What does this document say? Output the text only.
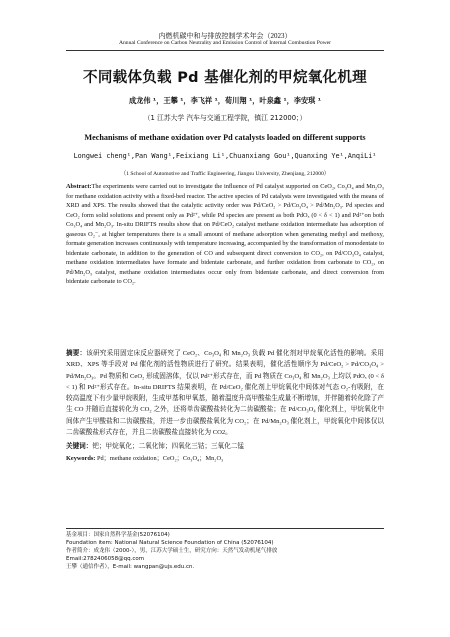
内燃机碳中和与排放控制学术年会（2023）
Annual Conference on Carbon Neutrality and Emission Control of Internal Combustion Power
不同载体负载 Pd 基催化剂的甲烷氧化机理
成龙伟 ¹，王攀 ¹，李飞祥 ¹，荀川翔 ¹，叶泉鑫 ¹，李安琪 ¹
（1 江苏大学 汽车与交通工程学院，镇江 212000；）
Mechanisms of methane oxidation over Pd catalysts loaded on different supports
Longwei cheng¹,Pan Wang¹,Feixiang Li¹,Chuanxiang Gou¹,Quanxing Ye¹,AnqiLi¹
（1 School of Automotive and Traffic Engineering, Jiangsu University, Zhenjiang, 212000）
Abstract:The experiments were carried out to investigate the influence of Pd catalyst supported on CeO₂, Co₃O₄ and Mn₂O₃ for methane oxidation activity with a fixed-bed reactor. The active species of Pd catalysts were investigated with the means of XRD and XPS. The results showed that the catalytic activity order was Pd/CeO₂ > Pd/Co₃O₄ > Pd/Mn₂O₃. Pd species and CeO₂ form solid solutions and present only as Pd²⁺, while Pd species are present as both PdOₓ (0 < δ < 1) and Pd²⁺on both Co₃O₄ and Mn₂O₃. In-situ DRIFTS results show that on Pd/CeO₂ catalyst methane oxidation intermediate has adsorption of gaseous O₂⁻, at higher temperatures there is a small amount of methane adsorption when generating methyl and methoxy, formate generation increases continuously with temperature increasing, accompanied by the transformation of monodentate to bidentate carbonate, in addition to the generation of CO and subsequent direct conversion to CO₂, on Pd/CO₃O₄ catalyst, methane oxidation intermediates have formate and bidentate carbonate, and further oxidation from carbonate to CO₂, on Pd/Mn₂O₃ catalyst, methane oxidation intermediates occur only from bidentate carbonate, and direct conversion from bidentate carbonate to CO₂.
摘要：该研究采用固定床反应器研究了 CeO₂、Co₃O₄ 和 Mn₂O₃ 负载 Pd 催化剂对甲烷氧化活性的影响。采用 XRD、XPS 等手段对 Pd 催化剂的活性物质进行了研究。结果表明，催化活性顺序为 Pd/CeO₂ > Pd/CO₃O₄ > Pd/Mn₂O₃。Pd 物质和 CeO₂ 形成固溶体，仅以 Pd²⁺形式存在，而 Pd 物质在 Co₃O₄ 和 Mn₂O₃ 上均以 PdOₓ (0 < δ < 1) 和 Pd²⁺形式存在。In-situ DRIFTS 结果表明，在 Pd/CeO₂ 催化剂上甲烷氧化中间体对气态 O₂-有吸附，在较高温度下有少量甲烷吸附，生成甲基和甲氧基，随着温度升高甲酸盐生成量不断增加，并伴随着转化除了产生 CO 并随后直接转化为 CO₂ 之外，还将单齿碳酸盐转化为二齿碳酸盐；在 Pd/CO₃O₄ 催化剂上，甲烷氧化中间体产生甲酸盐和二齿碳酸盐，并进一步由碳酸盐氧化为 CO₂；在 Pd/Mn₂O₃ 催化剂上，甲烷氧化中间体仅以二齿碳酸盐形式存在，并且二齿碳酸盐直接转化为 CO2。
关键词：钯；甲烷氧化；二氧化铈；四氧化三钴；三氧化二锰
Keywords: Pd；methane oxidation；CeO₂；Co₃O₄；Mn₂O₃
基金项目：国家自然科学基金(52076104)
Foundation item: National Natural Science Foundation of China (52076104)
作者简介：成龙伟（2000-），男，江苏大学硕士生，研究方向：天然气发动机尾气排放
Email:2782406058@qq.com
王攀（通信作者），E-mail: wangpan@ujs.edu.cn.
